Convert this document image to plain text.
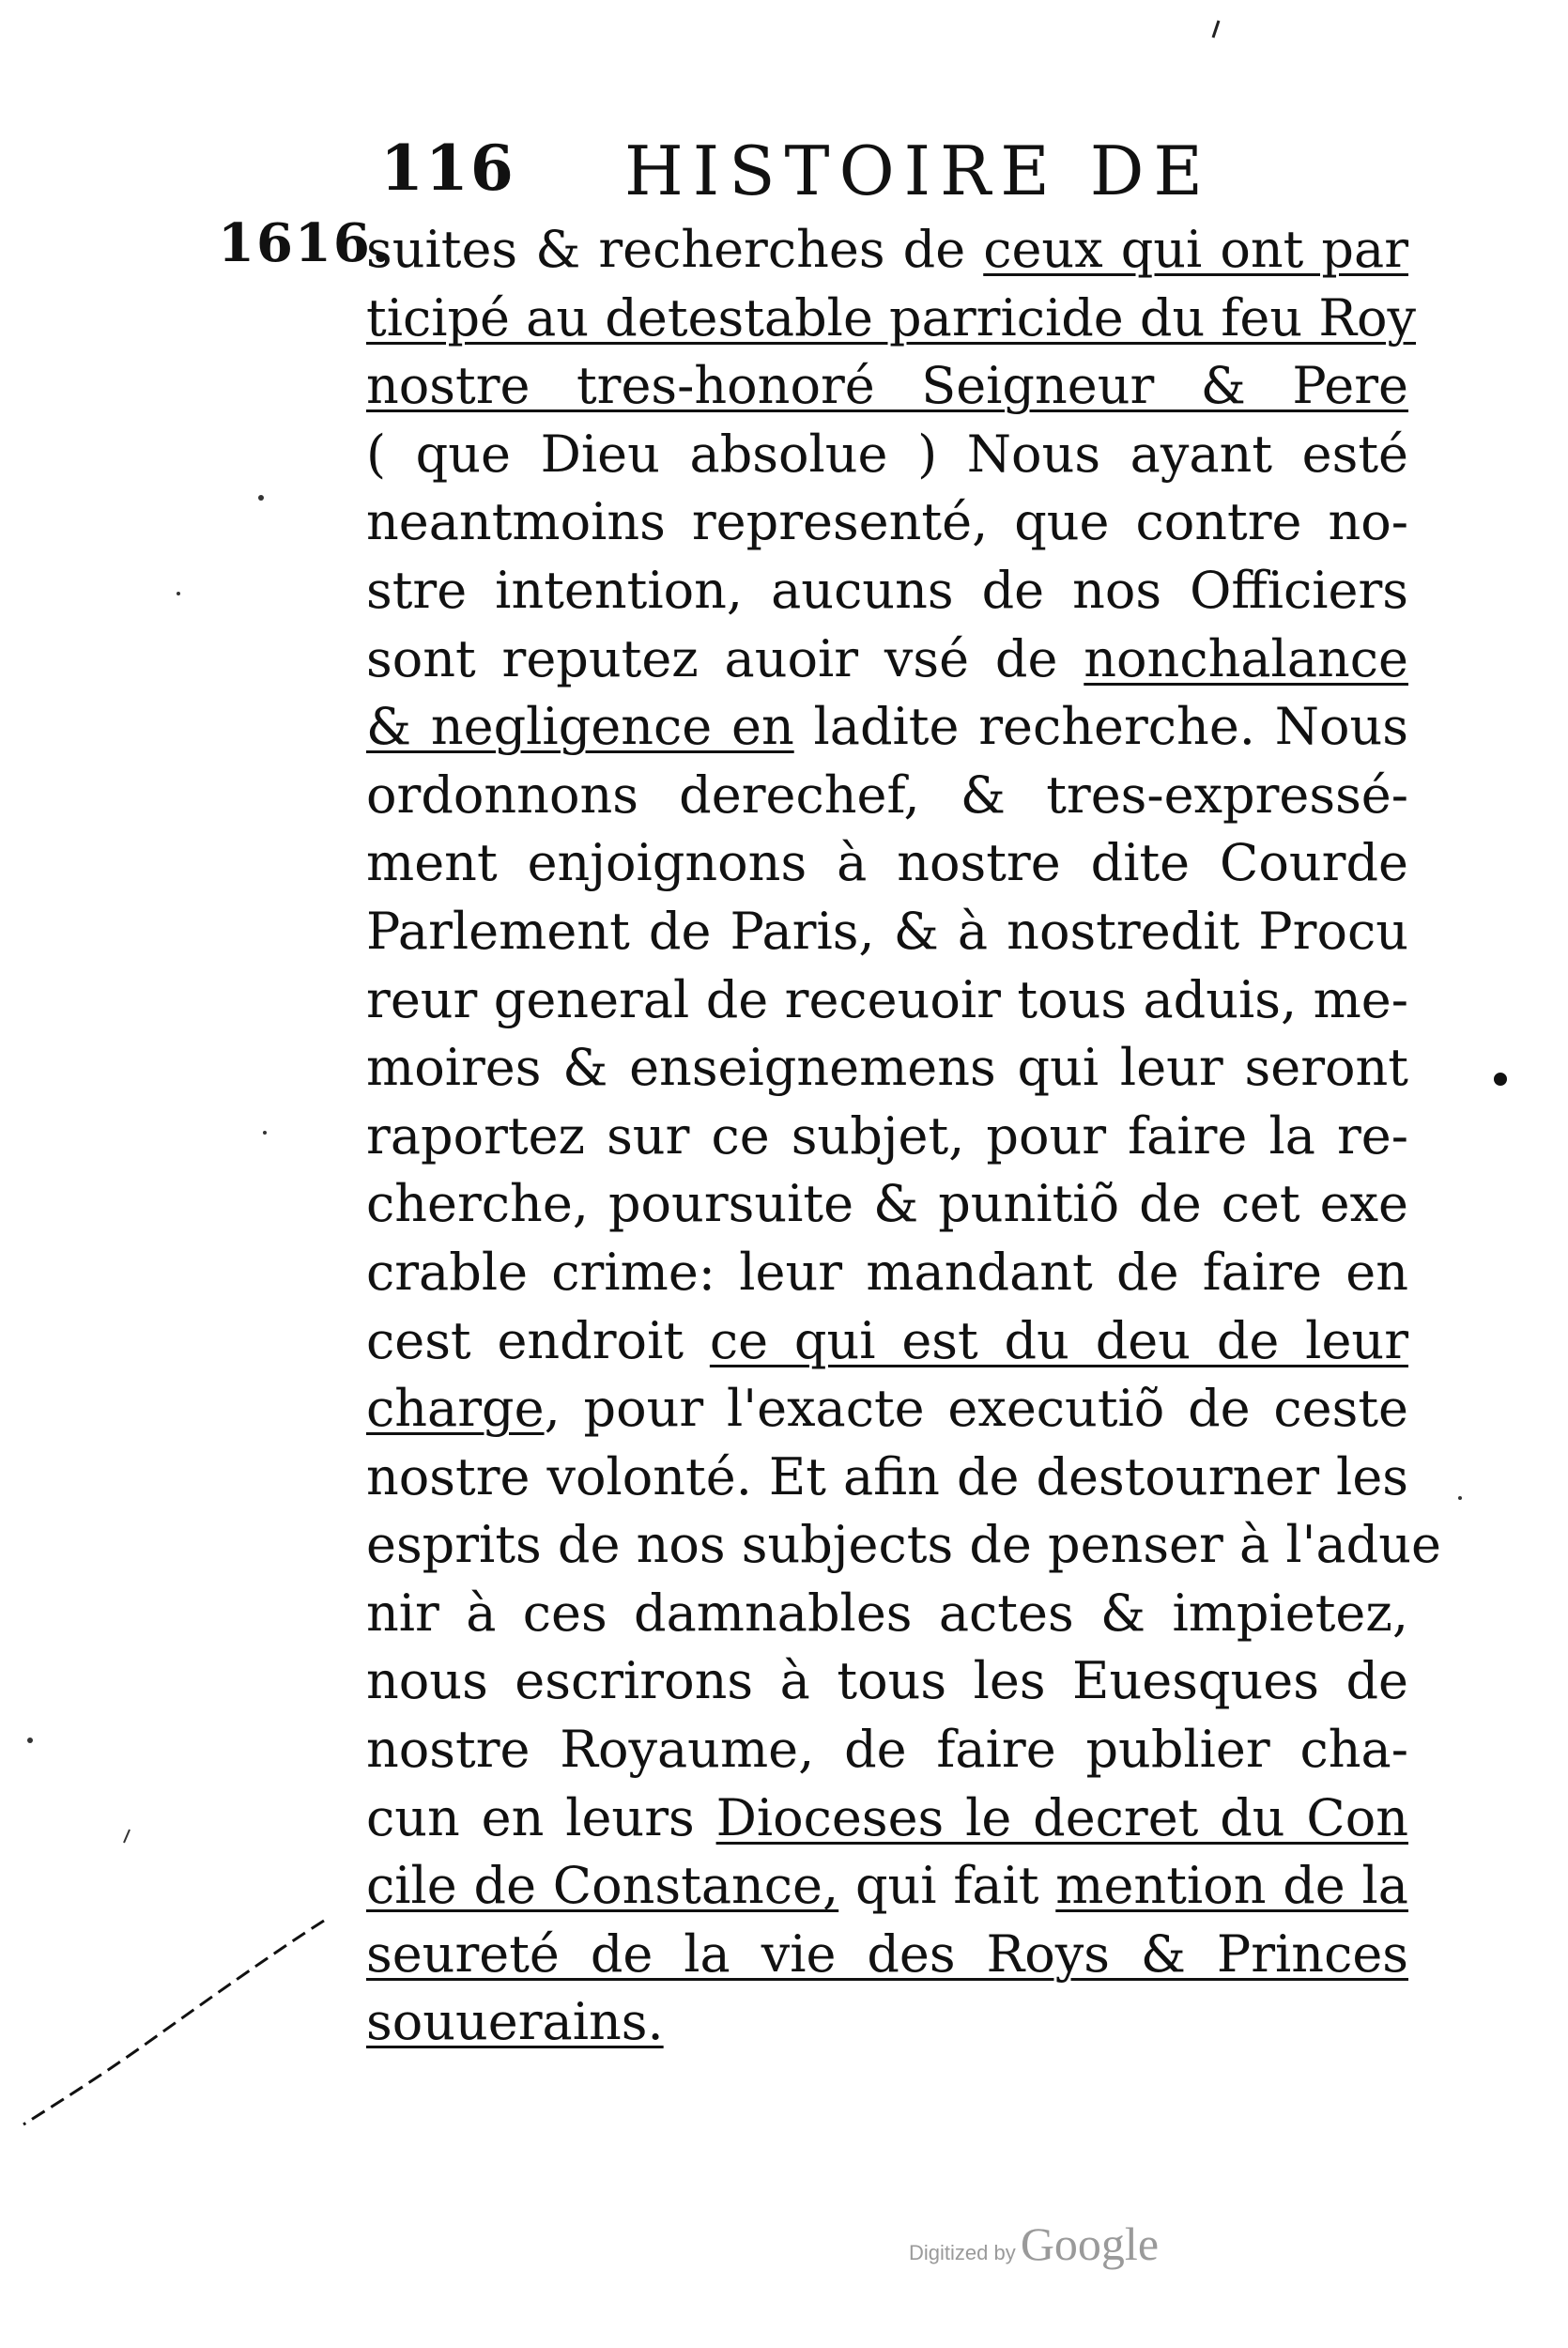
116 HISTOIRE DE
1616.
suites & recherches de ceux qui ont par
ticipé au detestable parricide du feu Roy
nostre tres-honoré Seigneur & Pere
( que Dieu absolue ) Nous ayant esté
neantmoins representé, que contre no-
stre intention, aucuns de nos Officiers
sont reputez auoir vsé de nonchalance
& negligence en ladite recherche. Nous
ordonnons derechef, & tres-expressé-
ment enjoignons à nostre dite Courde
Parlement de Paris, & à nostredit Procu
reur general de receuoir tous aduis, me-
moires & enseignemens qui leur seront
raportez sur ce subjet, pour faire la re-
cherche, poursuite & punitiõ de cet exe
crable crime: leur mandant de faire en
cest endroit ce qui est du deu de leur
charge, pour l'exacte executiõ de ceste
nostre volonté. Et afin de destourner les
esprits de nos subjects de penser à l'adue
nir à ces damnables actes & impietez,
nous escrirons à tous les Euesques de
nostre Royaume, de faire publier cha-
cun en leurs Dioceses le decret du Con
cile de Constance, qui fait mention de la
seureté de la vie des Roys & Princes
souuerains.
Digitized by Google
